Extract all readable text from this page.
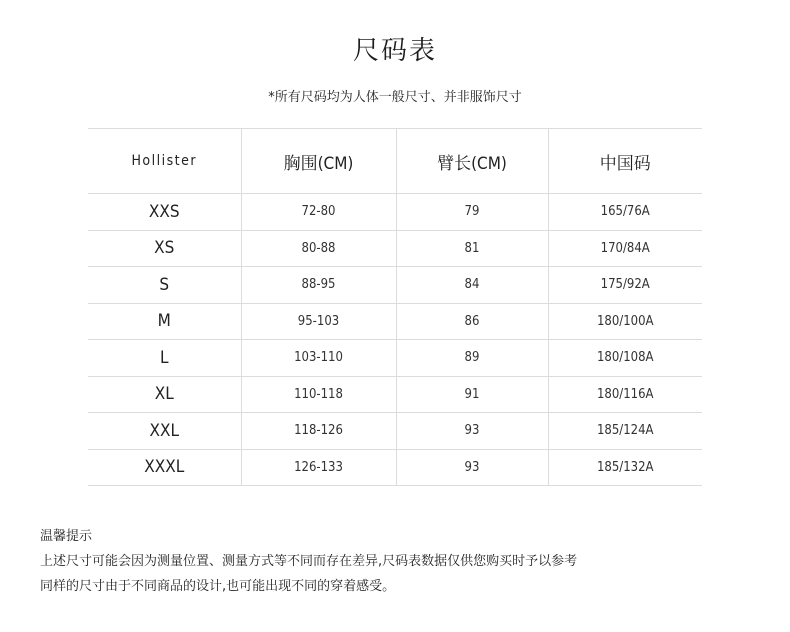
尺码表
*所有尺码均为人体一般尺寸、并非服饰尺寸
Hollister	胸围(CM)	臂长(CM)	中国码
XXS	72-80	79	165/76A
XS	80-88	81	170/84A
S	88-95	84	175/92A
M	95-103	86	180/100A
L	103-110	89	180/108A
XL	110-118	91	180/116A
XXL	118-126	93	185/124A
XXXL	126-133	93	185/132A
温馨提示
上述尺寸可能会因为测量位置、测量方式等不同而存在差异,尺码表数据仅供您购买时予以参考
同样的尺寸由于不同商品的设计,也可能出现不同的穿着感受。
